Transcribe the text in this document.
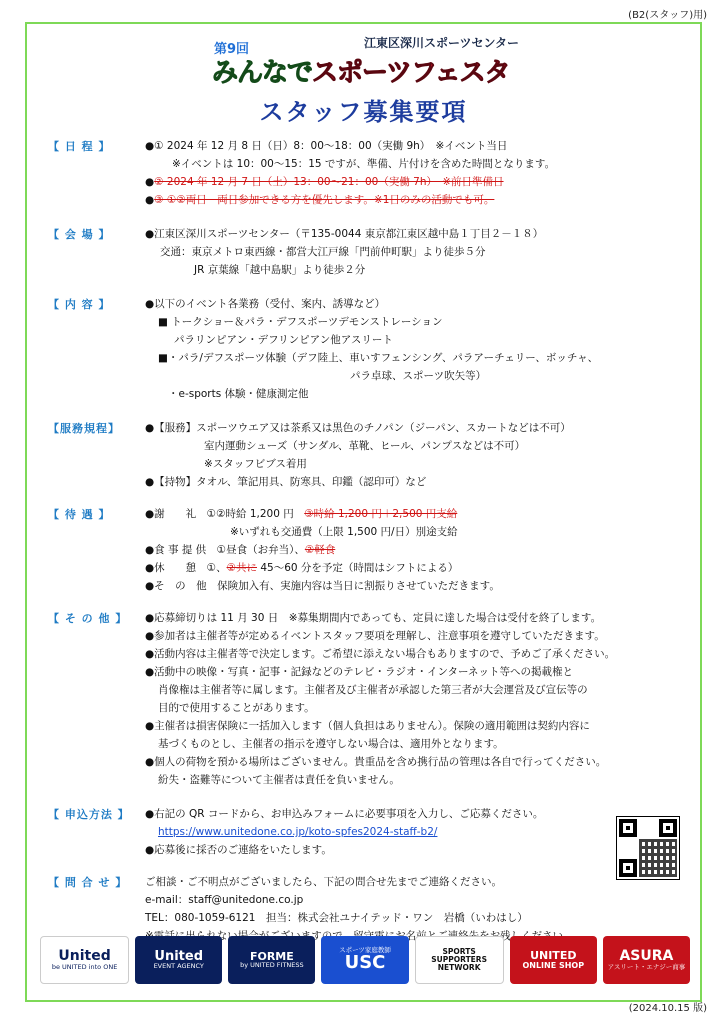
(B2(スタッフ)用)
江東区深川スポーツセンター
第9回
みんなでスポーツフェスタ
スタッフ募集要項
【 日 程 】	●① 2024 年 12 月 8 日（日）8：00～18：00（実働 9h）　※イベント当日
※イベントは 10：00～15：15 ですが、準備、片付けを含めた時間となります。
●② 2024 年 12 月 7 日（土）13：00～21：00（実働 7h）　※前日準備日
●③ ①②両日　両日参加できる方を優先します。※1日のみの活動でも可。
【 会 場 】	●江東区深川スポーツセンター（〒135-0044 東京都江東区越中島１丁目２－１８）
交通：東京メトロ東西線・都営大江戸線「門前仲町駅」より徒歩５分
JR 京葉線「越中島駅」より徒歩２分
【 内 容 】	●以下のイベント各業務（受付、案内、誘導など）
■ トークショー＆パラ・デフスポーツデモンストレーション
パラリンピアン・デフリンピアン他アスリート
■・パラ/デフスポーツ体験（デフ陸上、車いすフェンシング、パラアーチェリー、ボッチャ、
パラ卓球、スポーツ吹矢等）
・e-sports 体験・健康測定他
【服務規程】	●【服務】スポーツウエア又は茶系又は黒色のチノパン（ジーパン、スカートなどは不可）
室内運動シューズ（サンダル、革靴、ヒール、パンプスなどは不可）
※スタッフビブス着用
●【持物】タオル、筆記用具、防寒具、印鑑（認印可）など
【 待 遇 】	●謝　　礼　①②時給 1,200 円　③時給 1,200 円＋2,500 円支給
※いずれも交通費（上限 1,500 円/日）別途支給
●食 事 提 供　①昼食（お弁当）、②軽食
●休　　憩　①、②共に 45～60 分を予定（時間はシフトによる）
●そ　の　他　保険加入有、実施内容は当日に割振りさせていただきます。
【 そ の 他 】 ●応募締切りは 11 月 30 日　※募集期間内であっても、定員に達した場合は受付を終了します。
●参加者は主催者等が定めるイベントスタッフ要項を理解し、注意事項を遵守していただきます。
●活動内容は主催者等で決定します。ご希望に添えない場合もありますので、予めご了承ください。
●活動中の映像・写真・記事・記録などのテレビ・ラジオ・インターネット等への掲載権と
肖像権は主催者等に属します。主催者及び主催者が承認した第三者が大会運営及び宣伝等の
目的で使用することがあります。
●主催者は損害保険に一括加入します（個人負担はありません）。保険の適用範囲は契約内容に
基づくものとし、主催者の指示を遵守しない場合は、適用外となります。
●個人の荷物を預かる場所はございません。貴重品を含め携行品の管理は各自で行ってください。
紛失・盗難等について主催者は責任を負いません。
【 申込方法 】 ●右記の QR コードから、お申込みフォームに必要事項を入力し、ご応募ください。
https://www.unitedone.co.jp/koto-spfes2024-staff-b2/
●応募後に採否のご連絡をいたします。
【 問 合 せ 】 ご相談・ご不明点がございましたら、下記の問合せ先までご連絡ください。
e-mail：staff@unitedone.co.jp
TEL：080-1059-6121　担当：株式会社ユナイテッド・ワン　岩橋（いわはし）
United
be UNITED into ONE
United
EVENT AGENCY
FORME
by UNITED FITNESS
スポーツ家庭教師
USC
SPORTS SUPPORTERS NETWORK
UNITED
ONLINE SHOP
ASURA
アスリート・エナジー商事
(2024.10.15 版)
